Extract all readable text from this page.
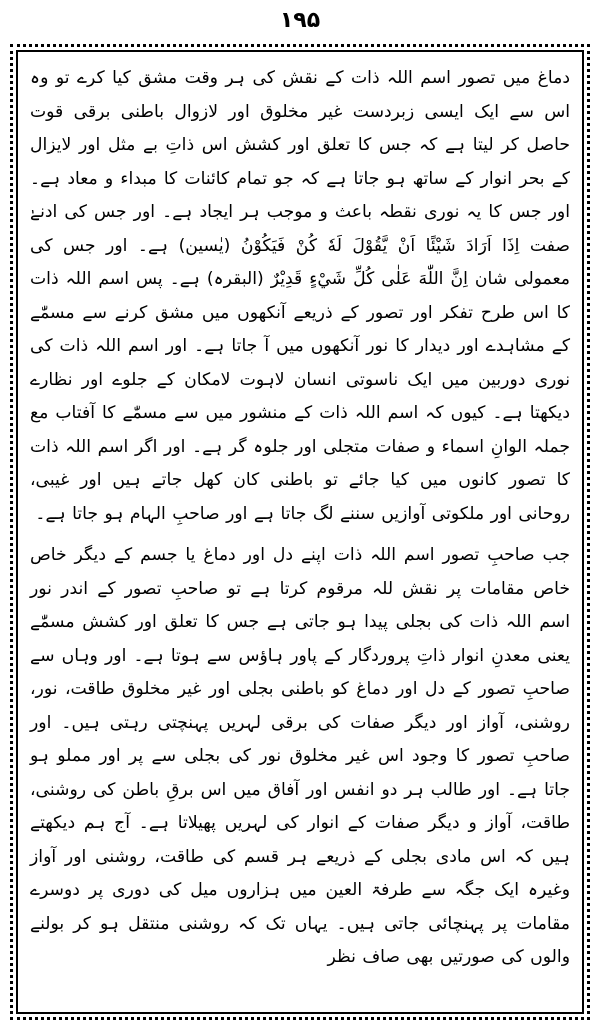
۱۹۵

دماغ میں تصور اسم اللہ ذات کے نقش کی ہر وقت مشق کیا کرے تو وہ اس سے ایک ایسی زبردست غیر مخلوق اور لازوال باطنی برقی قوت حاصل کر لیتا ہے کہ جس کا تعلق اور کشش اس ذاتِ بے مثل اور لایزال کے بحر انوار کے ساتھ ہو جاتا ہے کہ جو تمام کائنات کا مبداء و معاد ہے۔ اور جس کا یہ نوری نقطہ باعث و موجب ہر ایجاد ہے۔ اور جس کی ادنےٰ صفت اِذَا اَرَادَ شَيْئًا اَنْ يَّقُوْلَ لَهٗ كُنْ فَيَكُوْنُ (یٰسین) ہے۔ اور جس کی معمولی شان اِنَّ اللّٰهَ عَلٰى كُلِّ شَيْءٍ قَدِيْرٌ (البقرہ) ہے۔ پس اسم اللہ ذات کا اس طرح تفکر اور تصور کے ذریعے آنکھوں میں مشق کرنے سے مسمّٰے کے مشاہدے اور دیدار کا نور آنکھوں میں آ جاتا ہے۔ اور اسم اللہ ذات کی نوری دوربین میں ایک ناسوتی انسان لاہوت لامکان کے جلوے اور نظارے دیکھتا ہے۔ کیوں کہ اسم اللہ ذات کے منشور میں سے مسمّٰے کا آفتاب مع جملہ الوانِ اسماء و صفات متجلی اور جلوہ گر ہے۔ اور اگر اسم اللہ ذات کا تصور کانوں میں کیا جائے تو باطنی کان کھل جاتے ہیں اور غیبی، روحانی اور ملکوتی آوازیں سننے لگ جاتا ہے اور صاحبِ الہام ہو جاتا ہے۔

جب صاحبِ تصور اسم اللہ ذات اپنے دل اور دماغ یا جسم کے دیگر خاص خاص مقامات پر نقش للہ مرقوم کرتا ہے تو صاحبِ تصور کے اندر نور اسم اللہ ذات کی بجلی پیدا ہو جاتی ہے جس کا تعلق اور کشش مسمّٰے یعنی معدنِ انوار ذاتِ پروردگار کے پاور ہاؤس سے ہوتا ہے۔ اور وہاں سے صاحبِ تصور کے دل اور دماغ کو باطنی بجلی اور غیر مخلوق طاقت، نور، روشنی، آواز اور دیگر صفات کی برقی لہریں پہنچتی رہتی ہیں۔ اور صاحبِ تصور کا وجود اس غیر مخلوق نور کی بجلی سے پر اور مملو ہو جاتا ہے۔ اور طالب ہر دو انفس اور آفاق میں اس برقِ باطن کی روشنی، طاقت، آواز و دیگر صفات کے انوار کی لہریں پھیلاتا ہے۔ آج ہم دیکھتے ہیں کہ اس مادی بجلی کے ذریعے ہر قسم کی طاقت، روشنی اور آواز وغیرہ ایک جگہ سے طرفۃ العین میں ہزاروں میل کی دوری پر دوسرے مقامات پر پہنچائی جاتی ہیں۔ یہاں تک کہ روشنی منتقل ہو کر بولنے والوں کی صورتیں بھی صاف نظر
